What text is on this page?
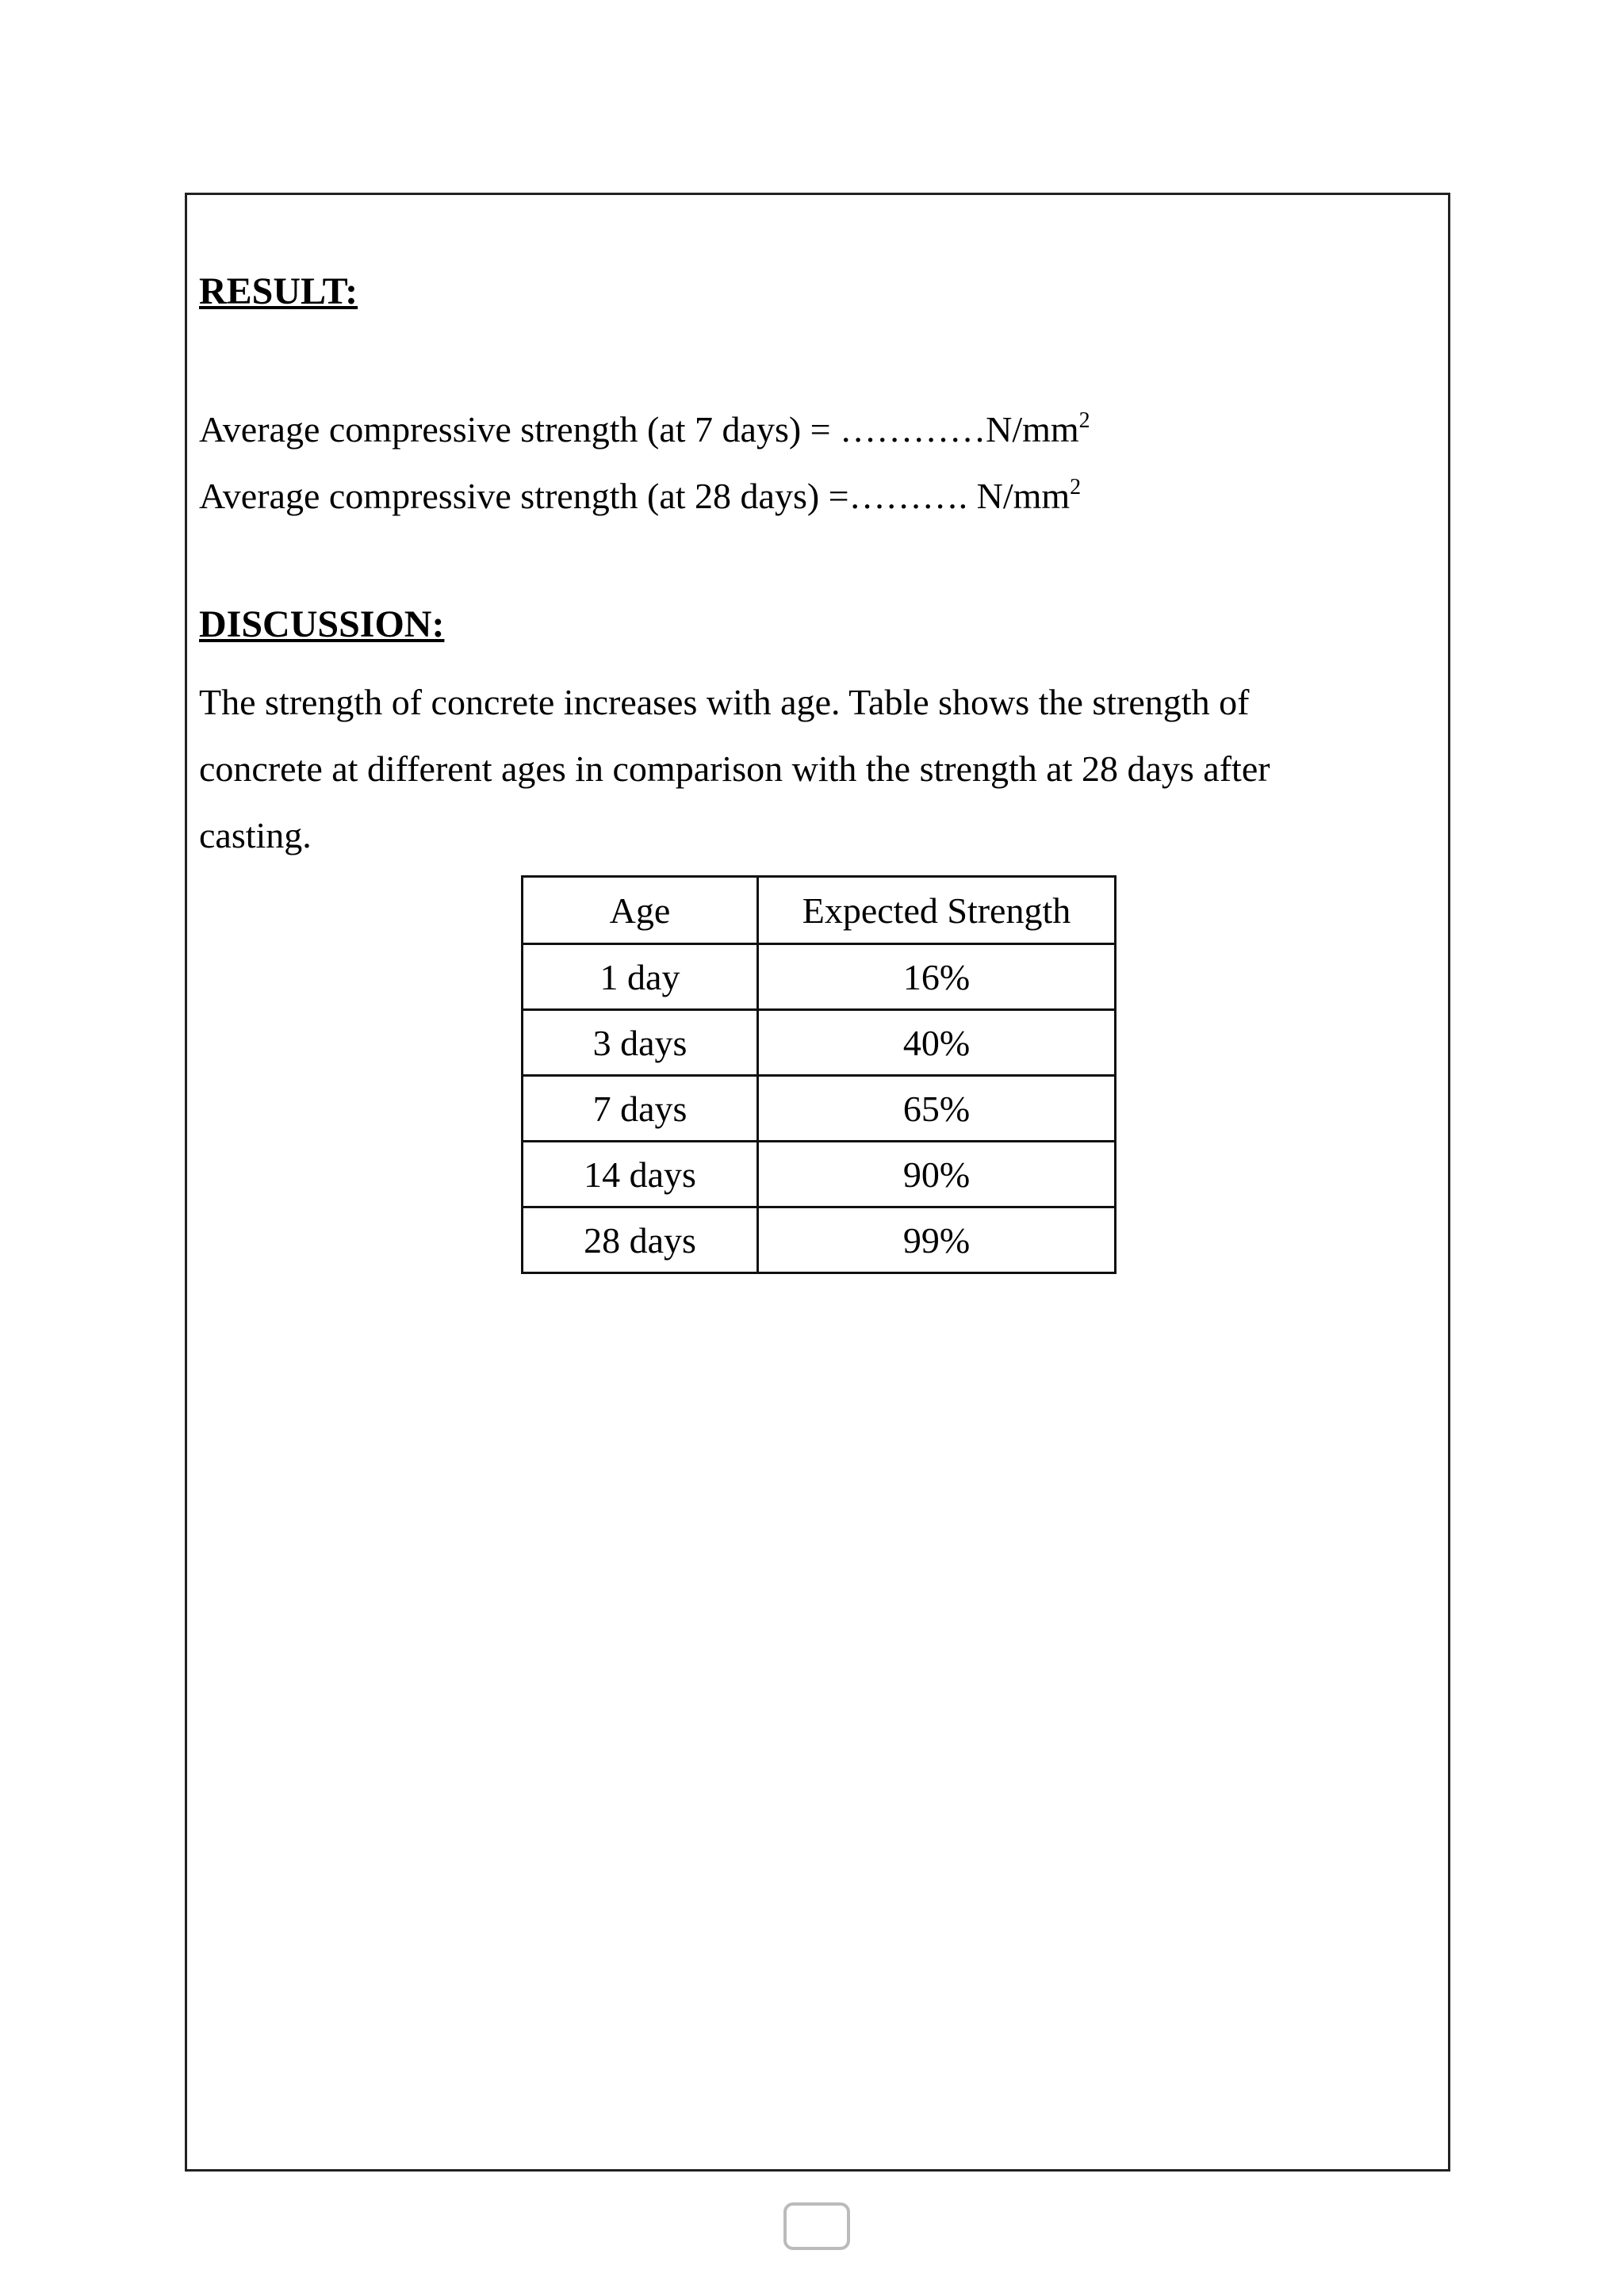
RESULT:
Average compressive strength (at 7 days) = $\dots\dots\dots\dots N/mm^2$
Average compressive strength (at 28 days) =………. $N/mm^2$
DISCUSSION:
The strength of concrete increases with age. Table shows the strength of concrete at different ages in comparison with the strength at 28 days after casting.
Age	Expected Strength
1 day	16%
3 days	40%
7 days	65%
14 days	90%
28 days	99%
